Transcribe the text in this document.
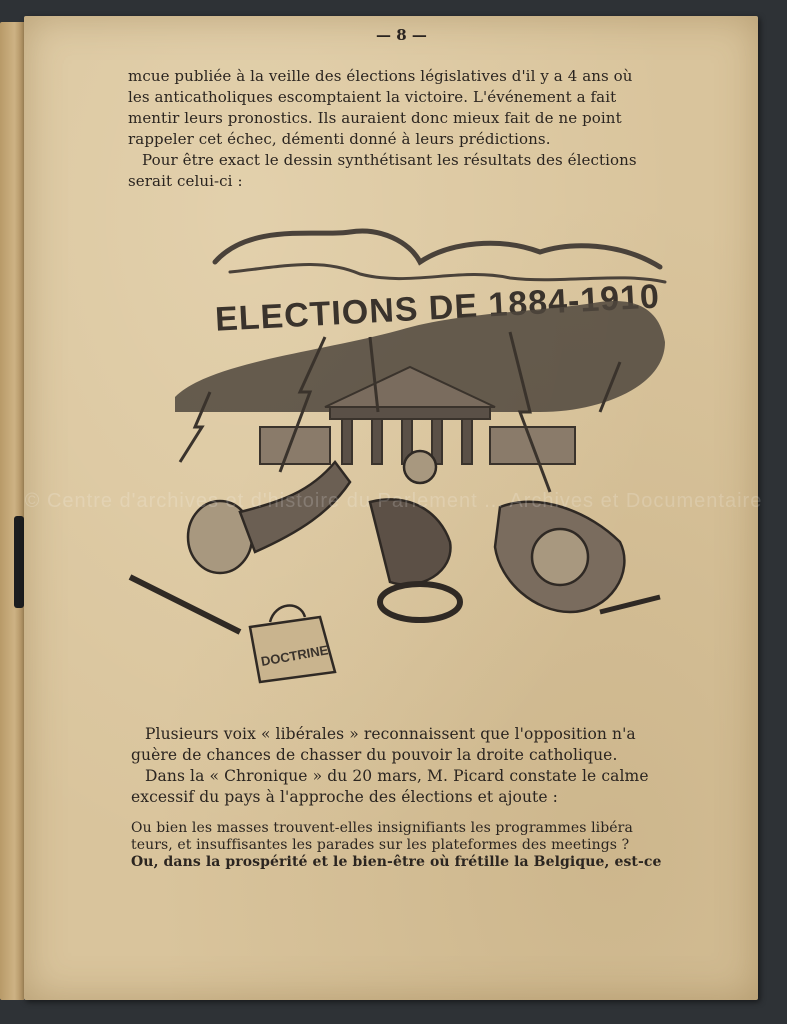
— 8 —
mcue publiée à la veille des élections législatives d'il y a 4 ans où
les anticatholiques escomptaient la victoire. L'événement a fait
mentir leurs pronostics. Ils auraient donc mieux fait de ne point
rappeler cet échec, démenti donné à leurs prédictions.
Pour être exact le dessin synthétisant les résultats des élections
serait celui-ci :
ELECTIONS DE 1884-1910
DOCTRINE
Plusieurs voix « libérales » reconnaissent que l'opposition n'a
guère de chances de chasser du pouvoir la droite catholique.
Dans la « Chronique » du 20 mars, M. Picard constate le calme
excessif du pays à l'approche des élections et ajoute :
Ou bien les masses trouvent-elles insignifiants les programmes libéra
teurs, et insuffisantes les parades sur les plateformes des meetings ?
Ou, dans la prospérité et le bien-être où frétille la Belgique, est-ce
© Centre d'archives et d'histoire du Parlement ... Archives et Documentaire
